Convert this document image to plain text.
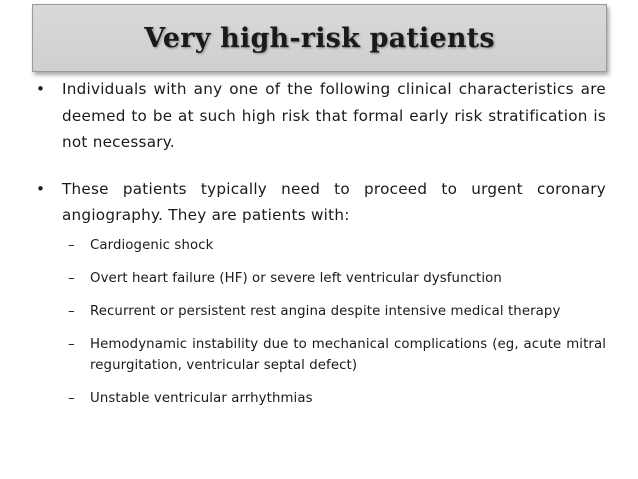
Very high-risk patients
• Individuals with any one of the following clinical characteristics are deemed to be at such high risk that formal early risk stratification is not necessary.
• These patients typically need to proceed to urgent coronary angiography. They are patients with:
– Cardiogenic shock
– Overt heart failure (HF) or severe left ventricular dysfunction
– Recurrent or persistent rest angina despite intensive medical therapy
– Hemodynamic instability due to mechanical complications (eg, acute mitral regurgitation, ventricular septal defect)
– Unstable ventricular arrhythmias
